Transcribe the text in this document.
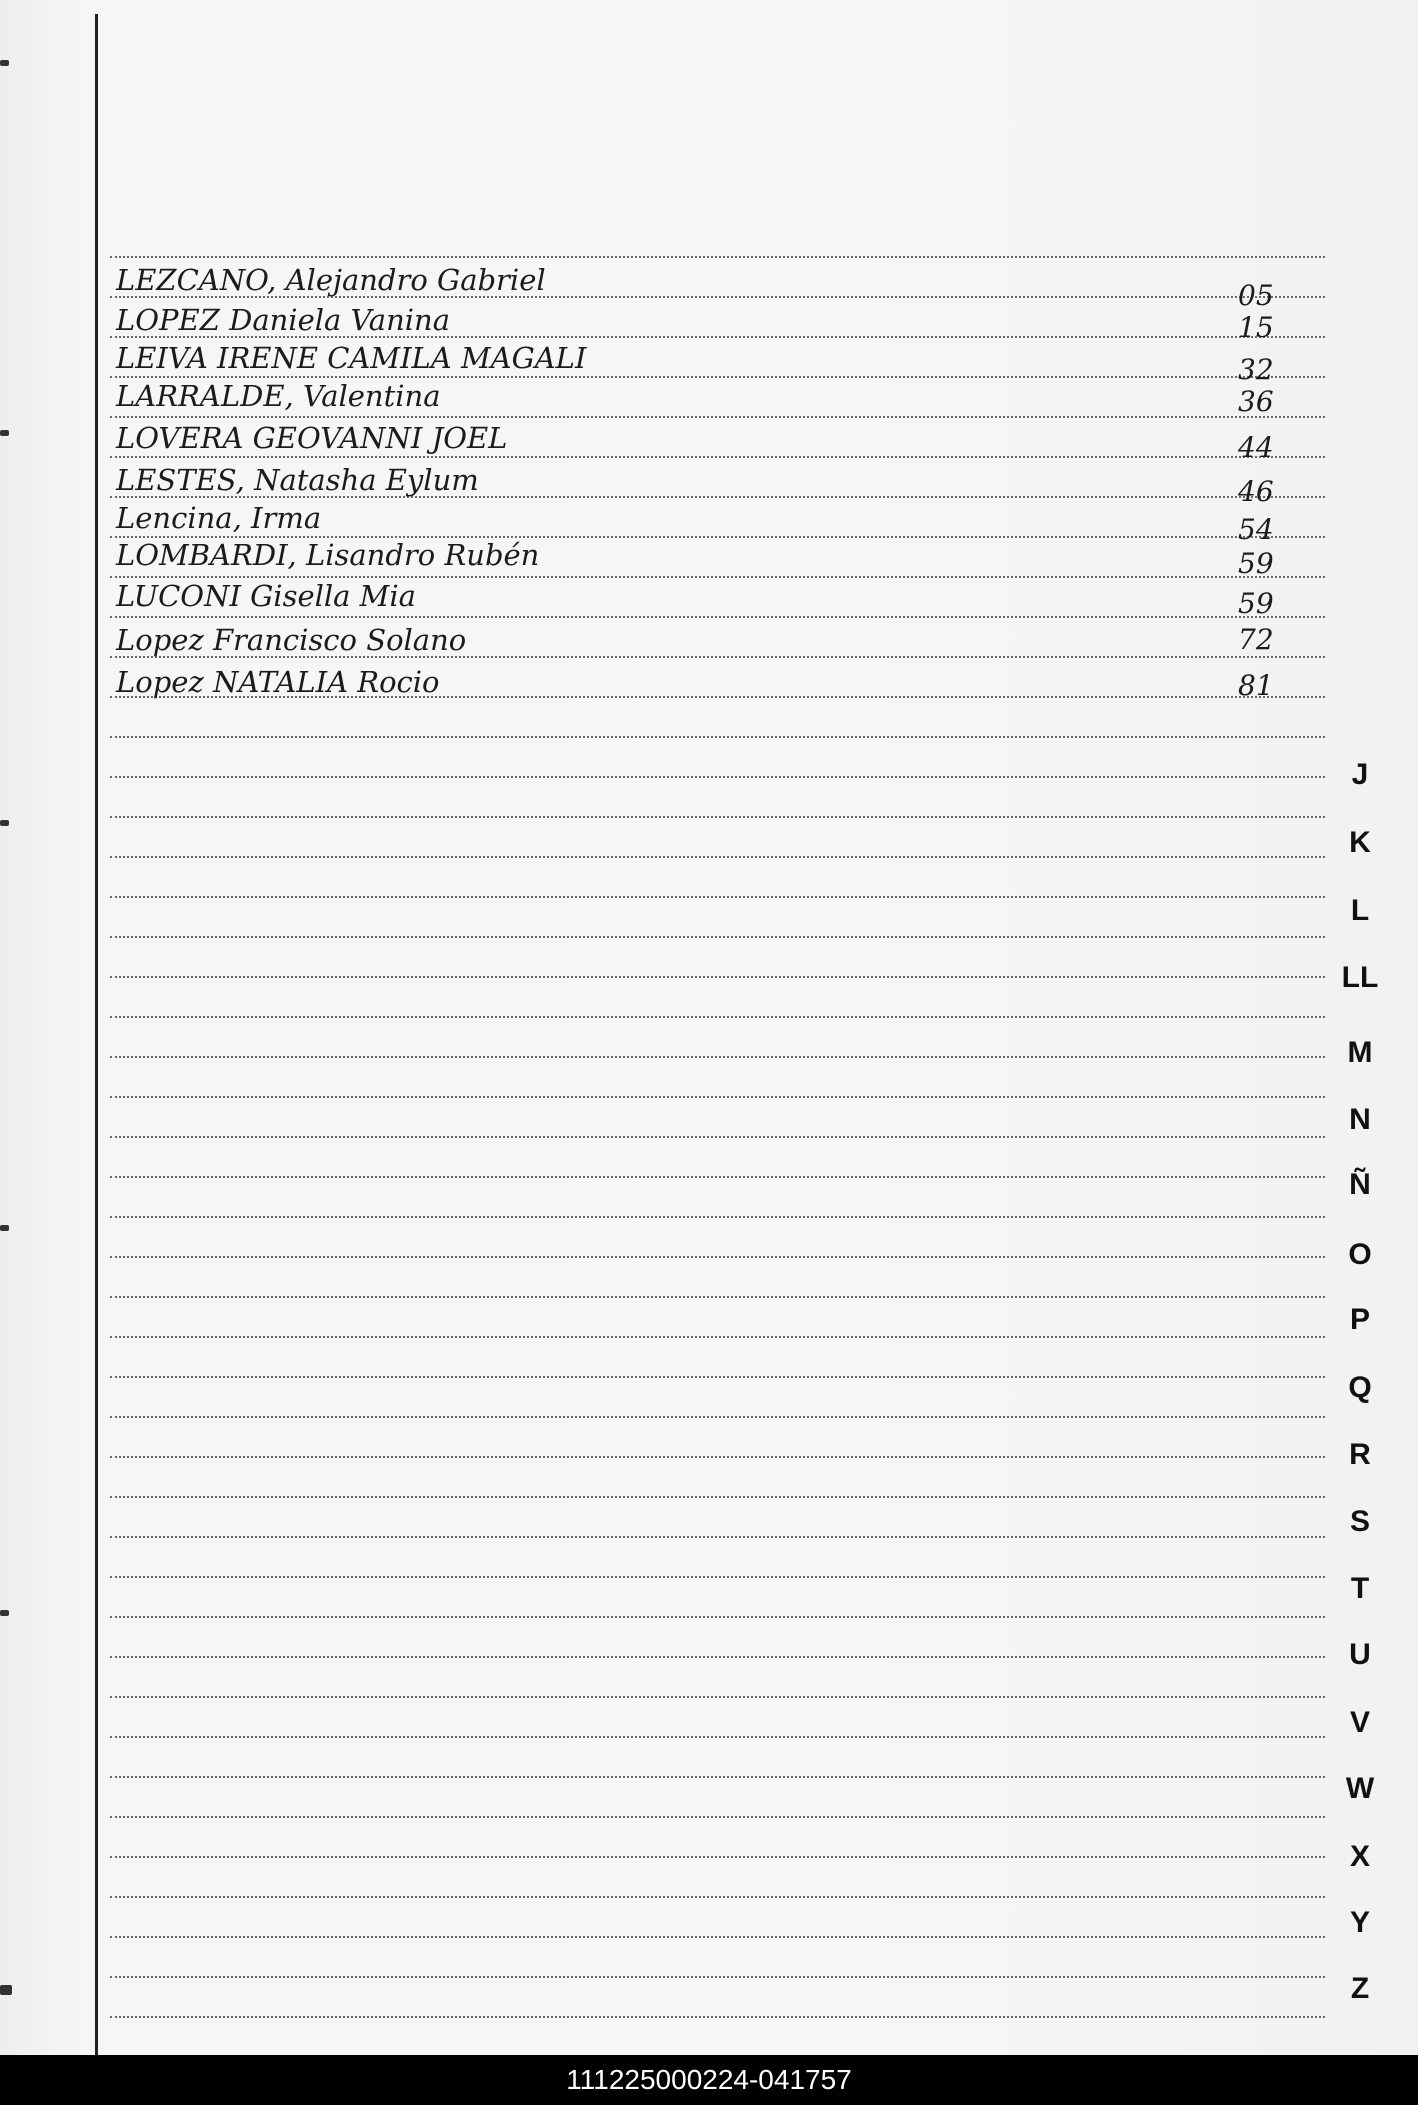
LEZCANO, Alejandro Gabriel	05
LOPEZ Daniela Vanina	15
LEIVA IRENE CAMILA MAGALI	32
LARRALDE, Valentina	36
LOVERA GEOVANNI JOEL	44
LESTES, Natasha Eylum	46
Lencina, Irma	54
LOMBARDI, Lisandro Rubén	59
LUCONI Gisella Mia	59
Lopez Francisco Solano	72
Lopez NATALIA Rocio	81
J
K
L
LL
M
N
Ñ
O
P
Q
R
S
T
U
V
W
X
Y
Z
111225000224-041757
